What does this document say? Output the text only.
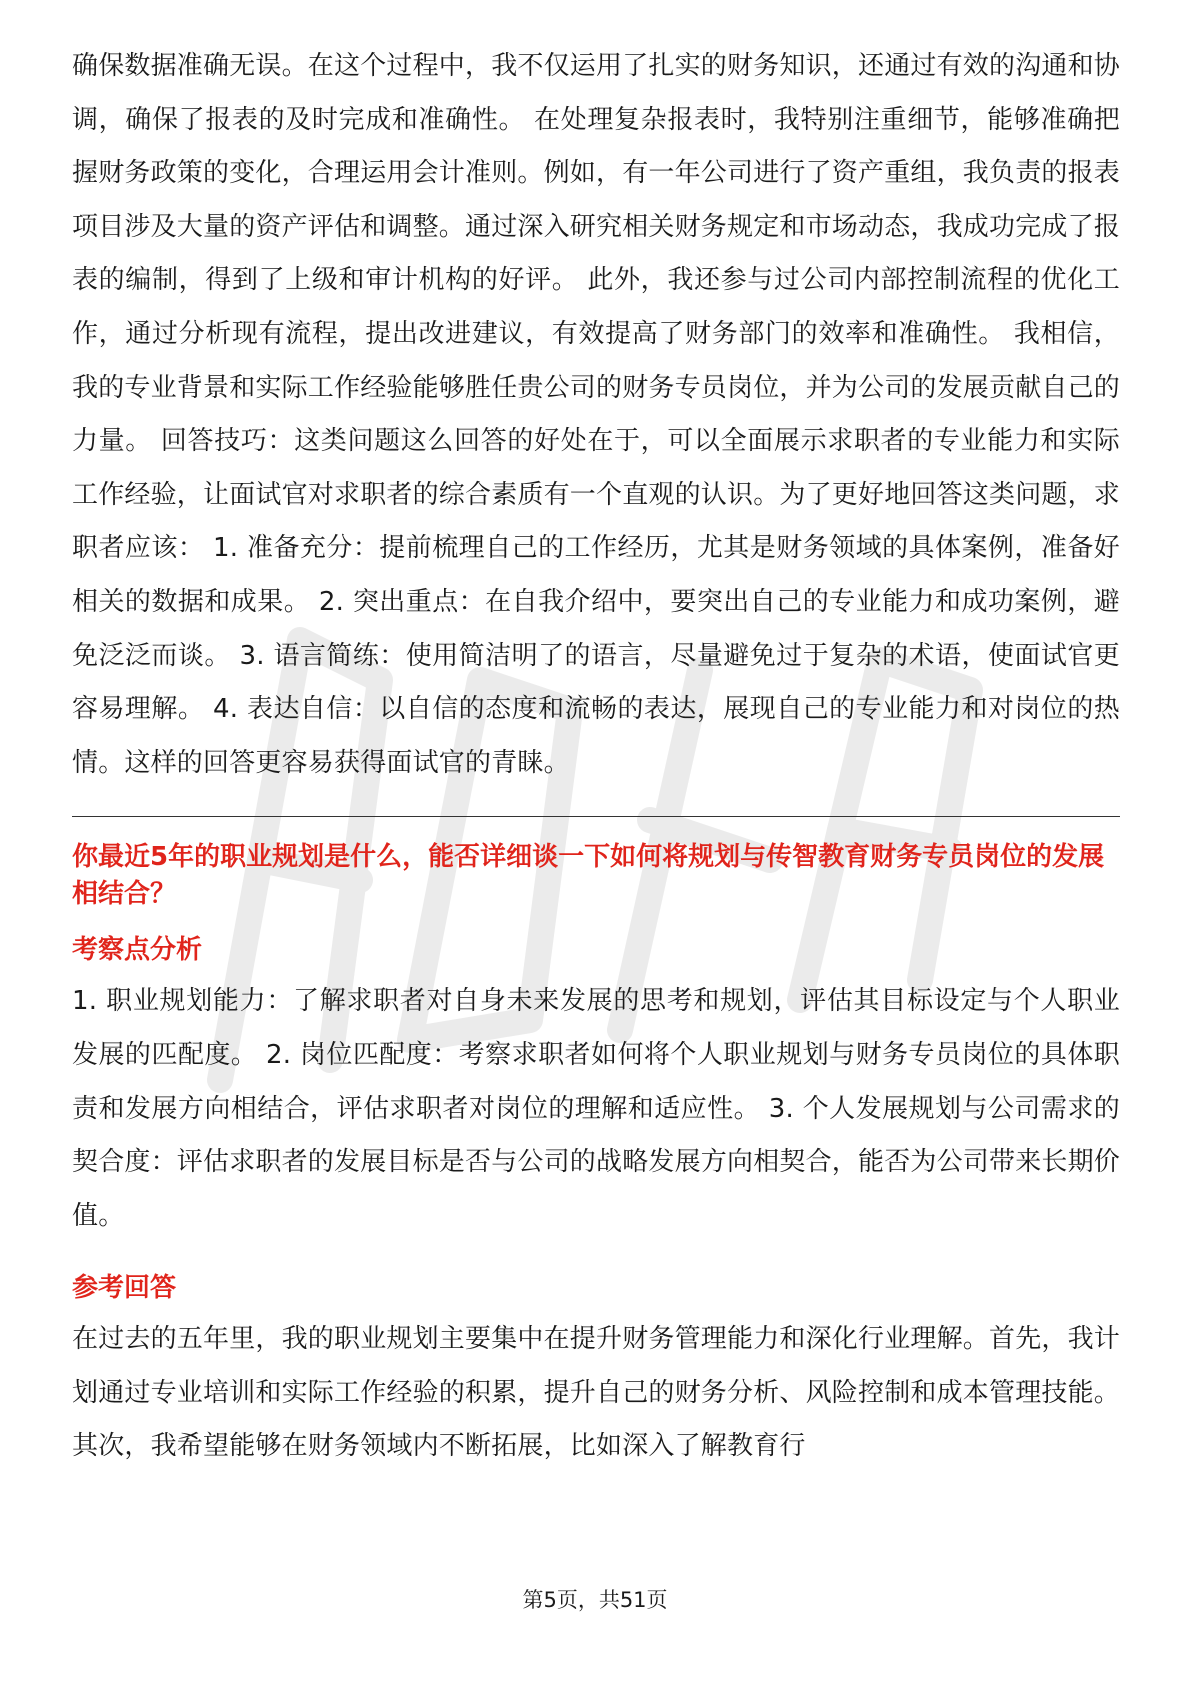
确保数据准确无误。在这个过程中，我不仅运用了扎实的财务知识，还通过有效的沟通和协调，确保了报表的及时完成和准确性。 在处理复杂报表时，我特别注重细节，能够准确把握财务政策的变化，合理运用会计准则。例如，有一年公司进行了资产重组，我负责的报表项目涉及大量的资产评估和调整。通过深入研究相关财务规定和市场动态，我成功完成了报表的编制，得到了上级和审计机构的好评。 此外，我还参与过公司内部控制流程的优化工作，通过分析现有流程，提出改进建议，有效提高了财务部门的效率和准确性。 我相信，我的专业背景和实际工作经验能够胜任贵公司的财务专员岗位，并为公司的发展贡献自己的力量。 回答技巧：这类问题这么回答的好处在于，可以全面展示求职者的专业能力和实际工作经验，让面试官对求职者的综合素质有一个直观的认识。为了更好地回答这类问题，求职者应该： 1. 准备充分：提前梳理自己的工作经历，尤其是财务领域的具体案例，准备好相关的数据和成果。 2. 突出重点：在自我介绍中，要突出自己的专业能力和成功案例，避免泛泛而谈。 3. 语言简练：使用简洁明了的语言，尽量避免过于复杂的术语，使面试官更容易理解。 4. 表达自信：以自信的态度和流畅的表达，展现自己的专业能力和对岗位的热情。这样的回答更容易获得面试官的青睐。

你最近5年的职业规划是什么，能否详细谈一下如何将规划与传智教育财务专员岗位的发展相结合？

考察点分析

1. 职业规划能力：了解求职者对自身未来发展的思考和规划，评估其目标设定与个人职业发展的匹配度。 2. 岗位匹配度：考察求职者如何将个人职业规划与财务专员岗位的具体职责和发展方向相结合，评估求职者对岗位的理解和适应性。 3. 个人发展规划与公司需求的契合度：评估求职者的发展目标是否与公司的战略发展方向相契合，能否为公司带来长期价值。

参考回答

在过去的五年里，我的职业规划主要集中在提升财务管理能力和深化行业理解。首先，我计划通过专业培训和实际工作经验的积累，提升自己的财务分析、风险控制和成本管理技能。其次，我希望能够在财务领域内不断拓展，比如深入了解教育行

第5页，共51页
